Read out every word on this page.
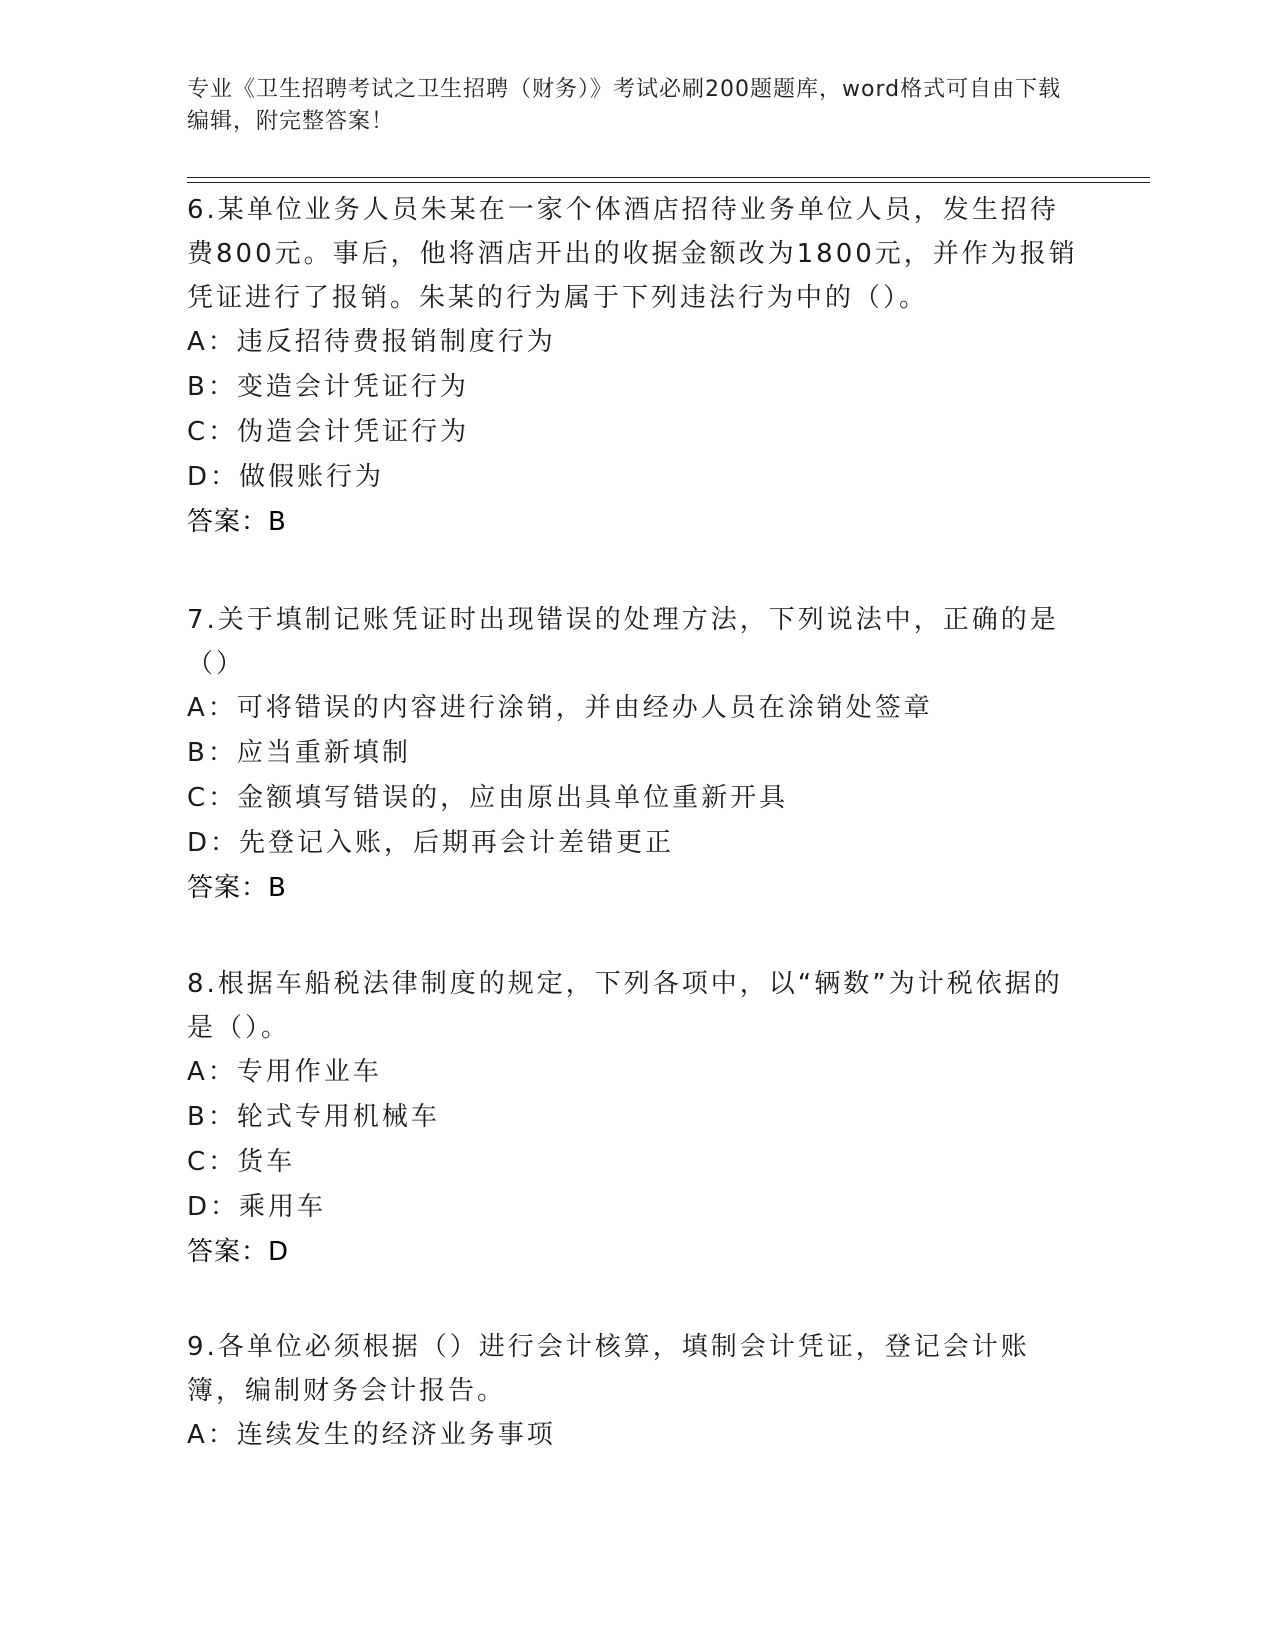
专业《卫生招聘考试之卫生招聘（财务）》考试必刷200题题库，word格式可自由下载编辑，附完整答案！

6.某单位业务人员朱某在一家个体酒店招待业务单位人员，发生招待费800元。事后，他将酒店开出的收据金额改为1800元，并作为报销凭证进行了报销。朱某的行为属于下列违法行为中的（）。

A：违反招待费报销制度行为

B：变造会计凭证行为

C：伪造会计凭证行为

D：做假账行为

答案：B

7.关于填制记账凭证时出现错误的处理方法，下列说法中，正确的是（）

A：可将错误的内容进行涂销，并由经办人员在涂销处签章

B：应当重新填制

C：金额填写错误的，应由原出具单位重新开具

D：先登记入账，后期再会计差错更正

答案：B

8.根据车船税法律制度的规定，下列各项中，以“辆数”为计税依据的是（）。

A：专用作业车

B：轮式专用机械车

C：货车

D：乘用车

答案：D

9.各单位必须根据（）进行会计核算，填制会计凭证，登记会计账簿，编制财务会计报告。

A：连续发生的经济业务事项
